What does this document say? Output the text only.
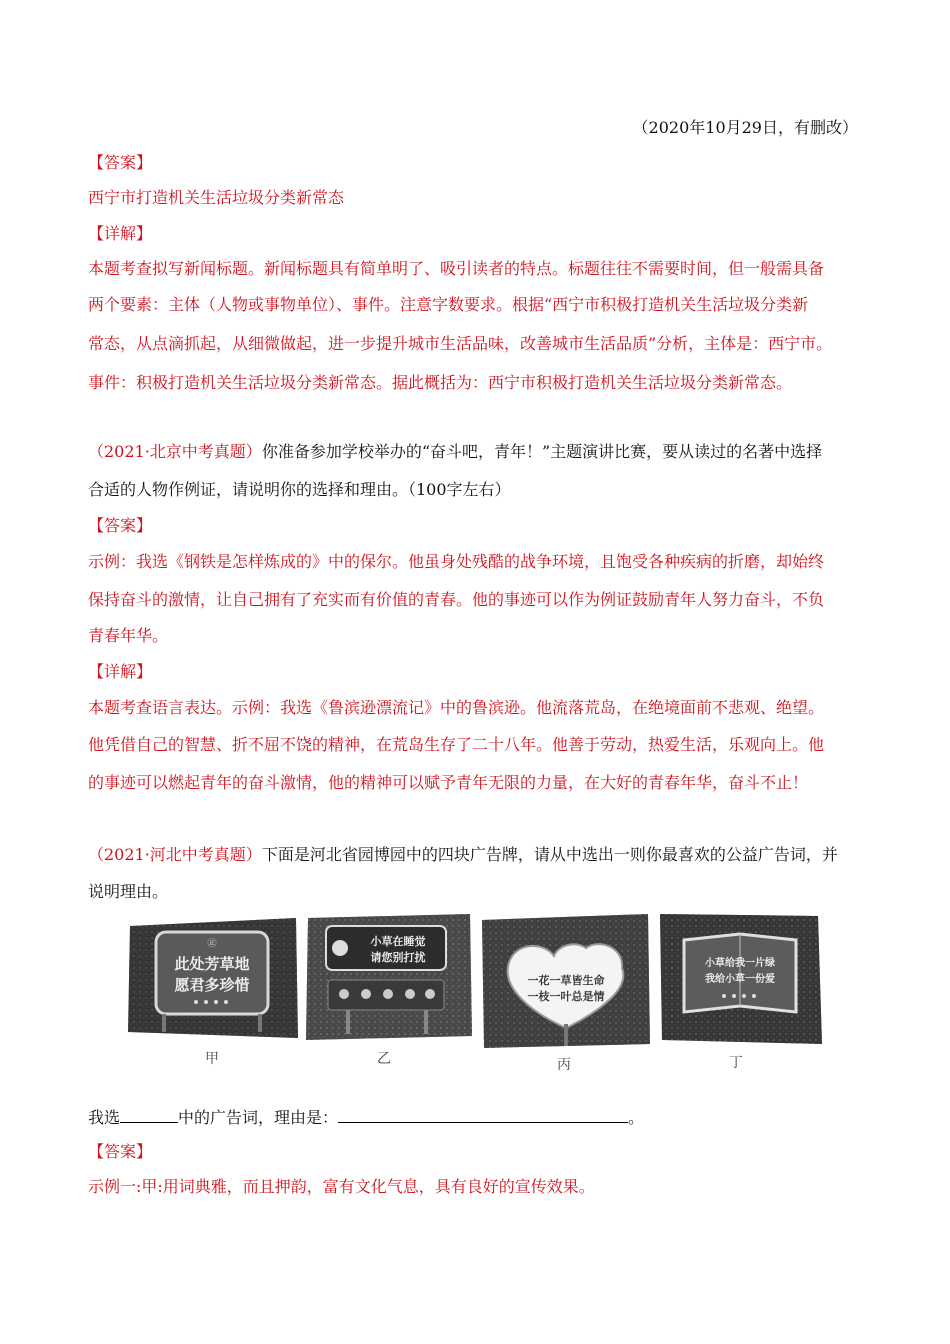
（2020年10月29日，有删改）
【答案】
西宁市打造机关生活垃圾分类新常态
【详解】
本题考查拟写新闻标题。新闻标题具有简单明了、吸引读者的特点。标题往往不需要时间，但一般需具备
两个要素：主体（人物或事物单位）、事件。注意字数要求。根据“西宁市积极打造机关生活垃圾分类新
常态，从点滴抓起，从细微做起，进一步提升城市生活品味，改善城市生活品质”分析，主体是：西宁市。
事件：积极打造机关生活垃圾分类新常态。据此概括为：西宁市积极打造机关生活垃圾分类新常态。
（2021·北京中考真题）你准备参加学校举办的“奋斗吧，青年！”主题演讲比赛，要从读过的名著中选择
合适的人物作例证，请说明你的选择和理由。（100字左右）
【答案】
示例：我选《钢铁是怎样炼成的》中的保尔。他虽身处残酷的战争环境，且饱受各种疾病的折磨，却始终
保持奋斗的激情，让自己拥有了充实而有价值的青春。他的事迹可以作为例证鼓励青年人努力奋斗，不负
青春年华。
【详解】
本题考查语言表达。示例：我选《鲁滨逊漂流记》中的鲁滨逊。他流落荒岛，在绝境面前不悲观、绝望。
他凭借自己的智慧、折不屈不饶的精神，在荒岛生存了二十八年。他善于劳动，热爱生活，乐观向上。他
的事迹可以燃起青年的奋斗激情，他的精神可以赋予青年无限的力量，在大好的青春年华，奋斗不止！
（2021·河北中考真题）下面是河北省园博园中的四块广告牌，请从中选出一则你最喜欢的公益广告词，并
说明理由。
㊣
此处芳草地
愿君多珍惜
甲
小草在睡觉
请您别打扰
乙
一花一草皆生命
一枝一叶总是情
丙
小草给我一片绿
我给小草一份爱
丁
我选	中的广告词，理由是：	。
【答案】
示例一:甲:用词典雅，而且押韵，富有文化气息，具有良好的宣传效果。
